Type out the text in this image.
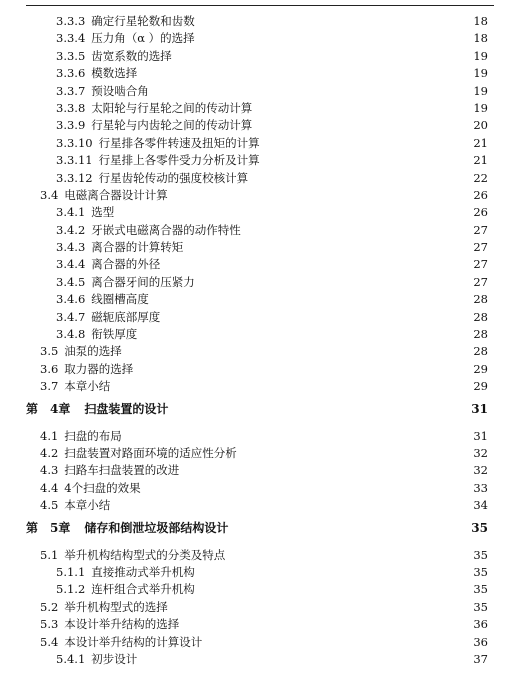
3.3.3 确定行星轮数和齿数	18
3.3.4 压力角（α ）的选择	18
3.3.5 齿宽系数的选择	19
3.3.6 模数选择	19
3.3.7 预设啮合角	19
3.3.8 太阳轮与行星轮之间的传动计算	19
3.3.9 行星轮与内齿轮之间的传动计算	20
3.3.10 行星排各零件转速及扭矩的计算	21
3.3.11 行星排上各零件受力分析及计算	21
3.3.12 行星齿轮传动的强度校核计算	22
3.4 电磁离合器设计计算	26
3.4.1 选型	26
3.4.2 牙嵌式电磁离合器的动作特性	27
3.4.3 离合器的计算转矩	27
3.4.4 离合器的外径	27
3.4.5 离合器牙间的压紧力	27
3.4.6 线圈槽高度	28
3.4.7 磁轭底部厚度	28
3.4.8 衔铁厚度	28
3.5 油泵的选择	28
3.6 取力器的选择	29
3.7 本章小结	29
第　4章 扫盘装置的设计	31
4.1 扫盘的布局	31
4.2 扫盘装置对路面环境的适应性分析	32
4.3 扫路车扫盘装置的改进	32
4.4 4个扫盘的效果	33
4.5 本章小结	34
第　5章 储存和倒泄垃圾部结构设计	35
5.1 举升机构结构型式的分类及特点	35
5.1.1 直接推动式举升机构	35
5.1.2 连杆组合式举升机构	35
5.2 举升机构型式的选择	35
5.3 本设计举升结构的选择	36
5.4 本设计举升结构的计算设计	36
5.4.1 初步设计	37
